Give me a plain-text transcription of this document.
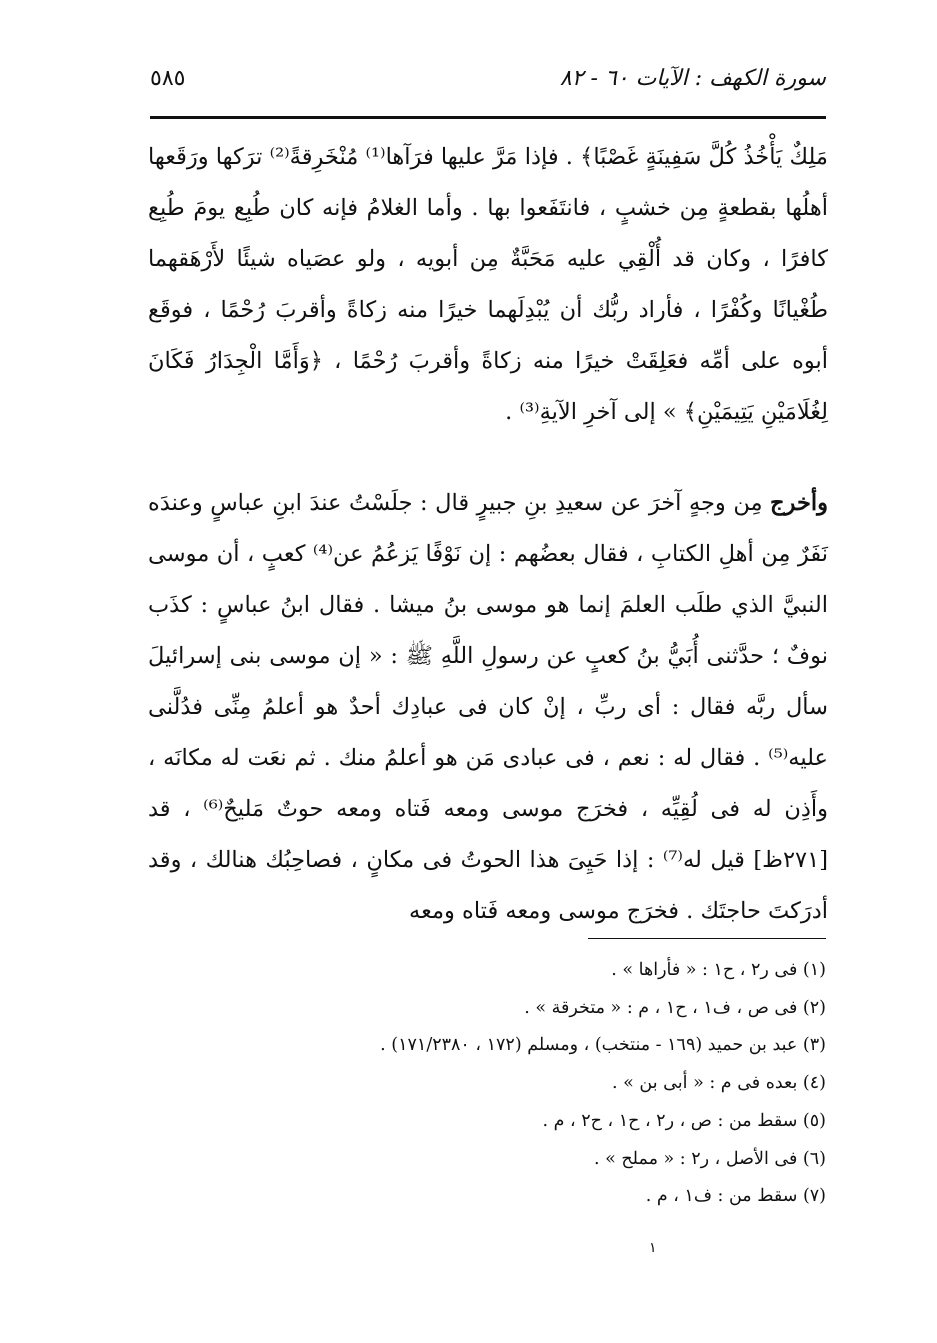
٥٨٥	سورة الكهف : الآيات ٦٠ - ٨٢

مَلِكٌ يَأْخُذُ كُلَّ سَفِينَةٍ غَصْبًا﴾ . فإذا مَرَّ عليها فرَآها⁽¹⁾ مُنْخَرِقةً⁽²⁾ ترَكها ورَقَعها أهلُها بقطعةٍ مِن خشبٍ ، فانتَفَعوا بها . وأما الغلامُ فإنه كان طُبِع يومَ طُبِع كافرًا ، وكان قد أُلْقِي عليه مَحَبَّةٌ مِن أبويه ، ولو عصَياه شيئًا لأَرْهَقهما طُغْيانًا وكُفْرًا ، فأراد ربُّك أن يُبْدِلَهما خيرًا منه زكاةً وأقربَ رُحْمًا ، فوقَع أبوه على أمِّه فعَلِقَتْ خيرًا منه زكاةً وأقربَ رُحْمًا ، ﴿وَأَمَّا الْجِدَارُ فَكَانَ لِغُلَامَيْنِ يَتِيمَيْنِ﴾ » إلى آخرِ الآيةِ⁽³⁾ .

وأخرج مِن وجهٍ آخرَ عن سعيدِ بنِ جبيرٍ قال : جلَسْتُ عندَ ابنِ عباسٍ وعندَه نَفَرٌ مِن أهلِ الكتابِ ، فقال بعضُهم : إن نَوْفًا يَزعُمُ عن⁽⁴⁾ كعبٍ ، أن موسى النبيَّ الذي طلَب العلمَ إنما هو موسى بنُ ميشا . فقال ابنُ عباسٍ : كذَب نوفٌ ؛ حدَّثنى أُبَيُّ بنُ كعبٍ عن رسولِ اللَّهِ ﷺ : « إن موسى بنى إسرائيلَ سأل ربَّه فقال : أى ربِّ ، إنْ كان فى عبادِك أحدٌ هو أعلمُ مِنِّى فدُلَّنى عليه⁽⁵⁾ . فقال له : نعم ، فى عبادى مَن هو أعلمُ منك . ثم نعَت له مكانَه ، وأَذِن له فى لُقِيِّه ، فخرَج موسى ومعه فَتاه ومعه حوتٌ مَليحٌ⁽⁶⁾ ، قد [٢٧١ظ] قيل له⁽⁷⁾ : إذا حَيِىَ هذا الحوتُ فى مكانٍ ، فصاحِبُك هنالك ، وقد أدرَكتَ حاجتَك . فخرَج موسى ومعه فَتاه ومعه

(١) فى ر٢ ، ح١ : « فأراها » .
(٢) فى ص ، ف١ ، ح١ ، م : « متخرقة » .
(٣) عبد بن حميد (١٦٩ - منتخب) ، ومسلم (١٧٢ ، ١٧١/٢٣٨٠) .
(٤) بعده فى م : « أبى بن » .
(٥) سقط من : ص ، ر٢ ، ح١ ، ح٢ ، م .
(٦) فى الأصل ، ر٢ : « مملح » .
(٧) سقط من : ف١ ، م .
١
